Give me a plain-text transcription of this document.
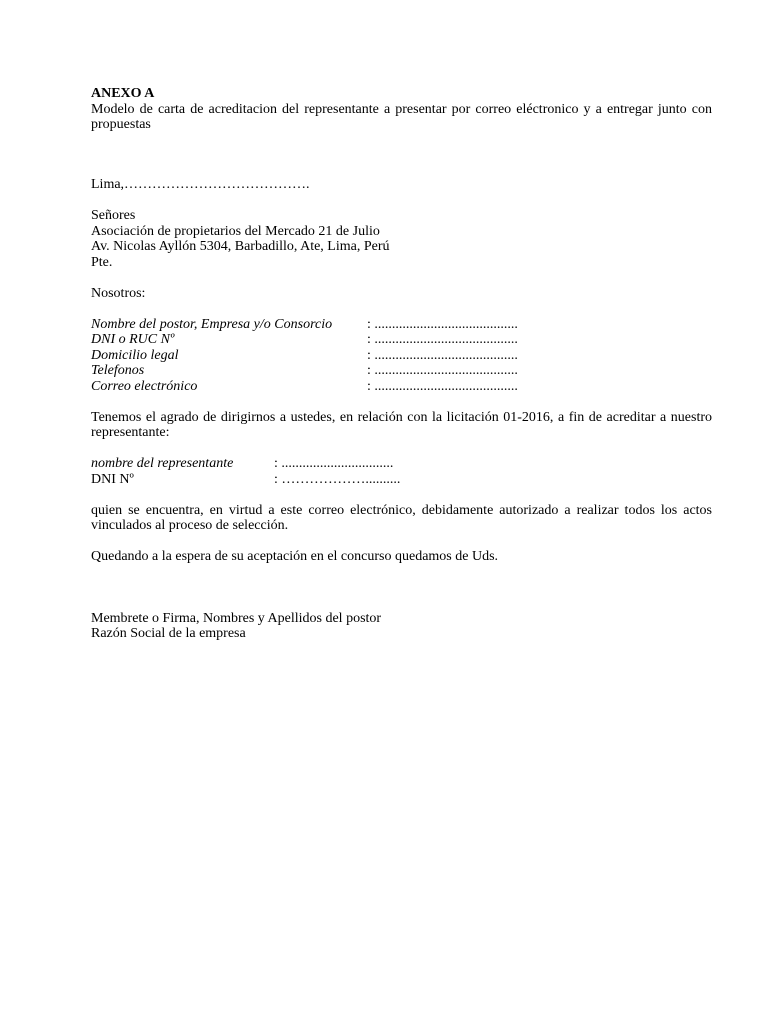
ANEXO A
Modelo de carta de acreditacion del representante a presentar por correo eléctronico y a entregar junto con propuestas
Lima,………………………………….
Señores
Asociación de propietarios del Mercado 21 de Julio
Av. Nicolas Ayllón 5304, Barbadillo, Ate, Lima, Perú
Pte.
Nosotros:
Nombre del postor, Empresa y/o Consorcio	: .........................................
DNI o RUC Nº	: .........................................
Domicilio legal	: .........................................
Telefonos	: .........................................
Correo electrónico	: .........................................
Tenemos el agrado de dirigirnos a ustedes, en relación con la licitación 01-2016, a fin de acreditar a nuestro representante:
nombre del representante	: ................................
DNI Nº	: ………………..........
quien se encuentra, en virtud a este correo electrónico, debidamente autorizado a realizar todos los actos vinculados al proceso de selección.
Quedando a la espera de su aceptación en el concurso quedamos de Uds.
Membrete o Firma, Nombres y Apellidos del postor
Razón Social de la empresa
